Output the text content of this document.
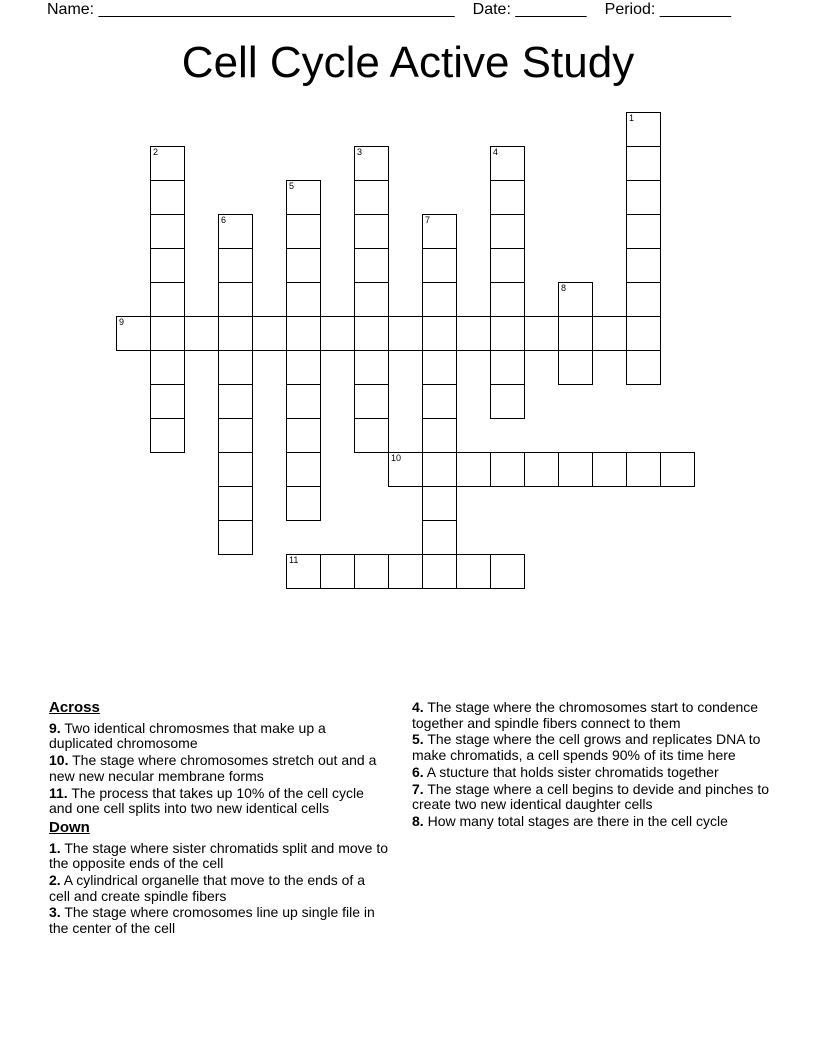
Name: ________________________________________ Date: ________ Period: ________
Cell Cycle Active Study
1
2	3	4
5
6	7
8
9
10
11
Across
9. Two identical chromosmes that make up a duplicated chromosome
10. The stage where chromosomes stretch out and a new new necular membrane forms
11. The process that takes up 10% of the cell cycle and one cell splits into two new identical cells
Down
1. The stage where sister chromatids split and move to the opposite ends of the cell
2. A cylindrical organelle that move to the ends of a cell and create spindle fibers
3. The stage where cromosomes line up single file in the center of the cell
4. The stage where the chromosomes start to condence together and spindle fibers connect to them
5. The stage where the cell grows and replicates DNA to make chromatids, a cell spends 90% of its time here
6. A stucture that holds sister chromatids together
7. The stage where a cell begins to devide and pinches to create two new identical daughter cells
8. How many total stages are there in the cell cycle
